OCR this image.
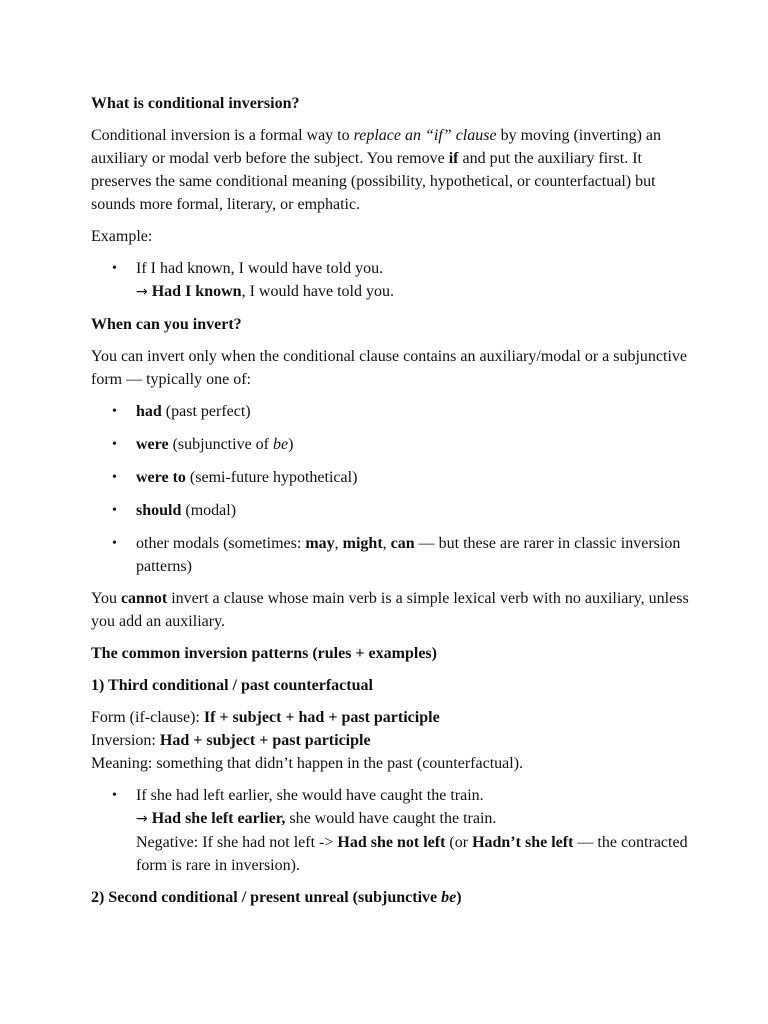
What is conditional inversion?
Conditional inversion is a formal way to replace an “if” clause by moving (inverting) an auxiliary or modal verb before the subject. You remove if and put the auxiliary first. It preserves the same conditional meaning (possibility, hypothetical, or counterfactual) but sounds more formal, literary, or emphatic.
Example:
• If I had known, I would have told you.
→ Had I known, I would have told you.
When can you invert?
You can invert only when the conditional clause contains an auxiliary/modal or a subjunctive form — typically one of:
• had (past perfect)
• were (subjunctive of be)
• were to (semi-future hypothetical)
• should (modal)
• other modals (sometimes: may, might, can — but these are rarer in classic inversion patterns)
You cannot invert a clause whose main verb is a simple lexical verb with no auxiliary, unless you add an auxiliary.
The common inversion patterns (rules + examples)
1) Third conditional / past counterfactual
Form (if-clause): If + subject + had + past participle
Inversion: Had + subject + past participle
Meaning: something that didn’t happen in the past (counterfactual).
• If she had left earlier, she would have caught the train.
→ Had she left earlier, she would have caught the train.
Negative: If she had not left -> Had she not left (or Hadn’t she left — the contracted form is rare in inversion).
2) Second conditional / present unreal (subjunctive be)
